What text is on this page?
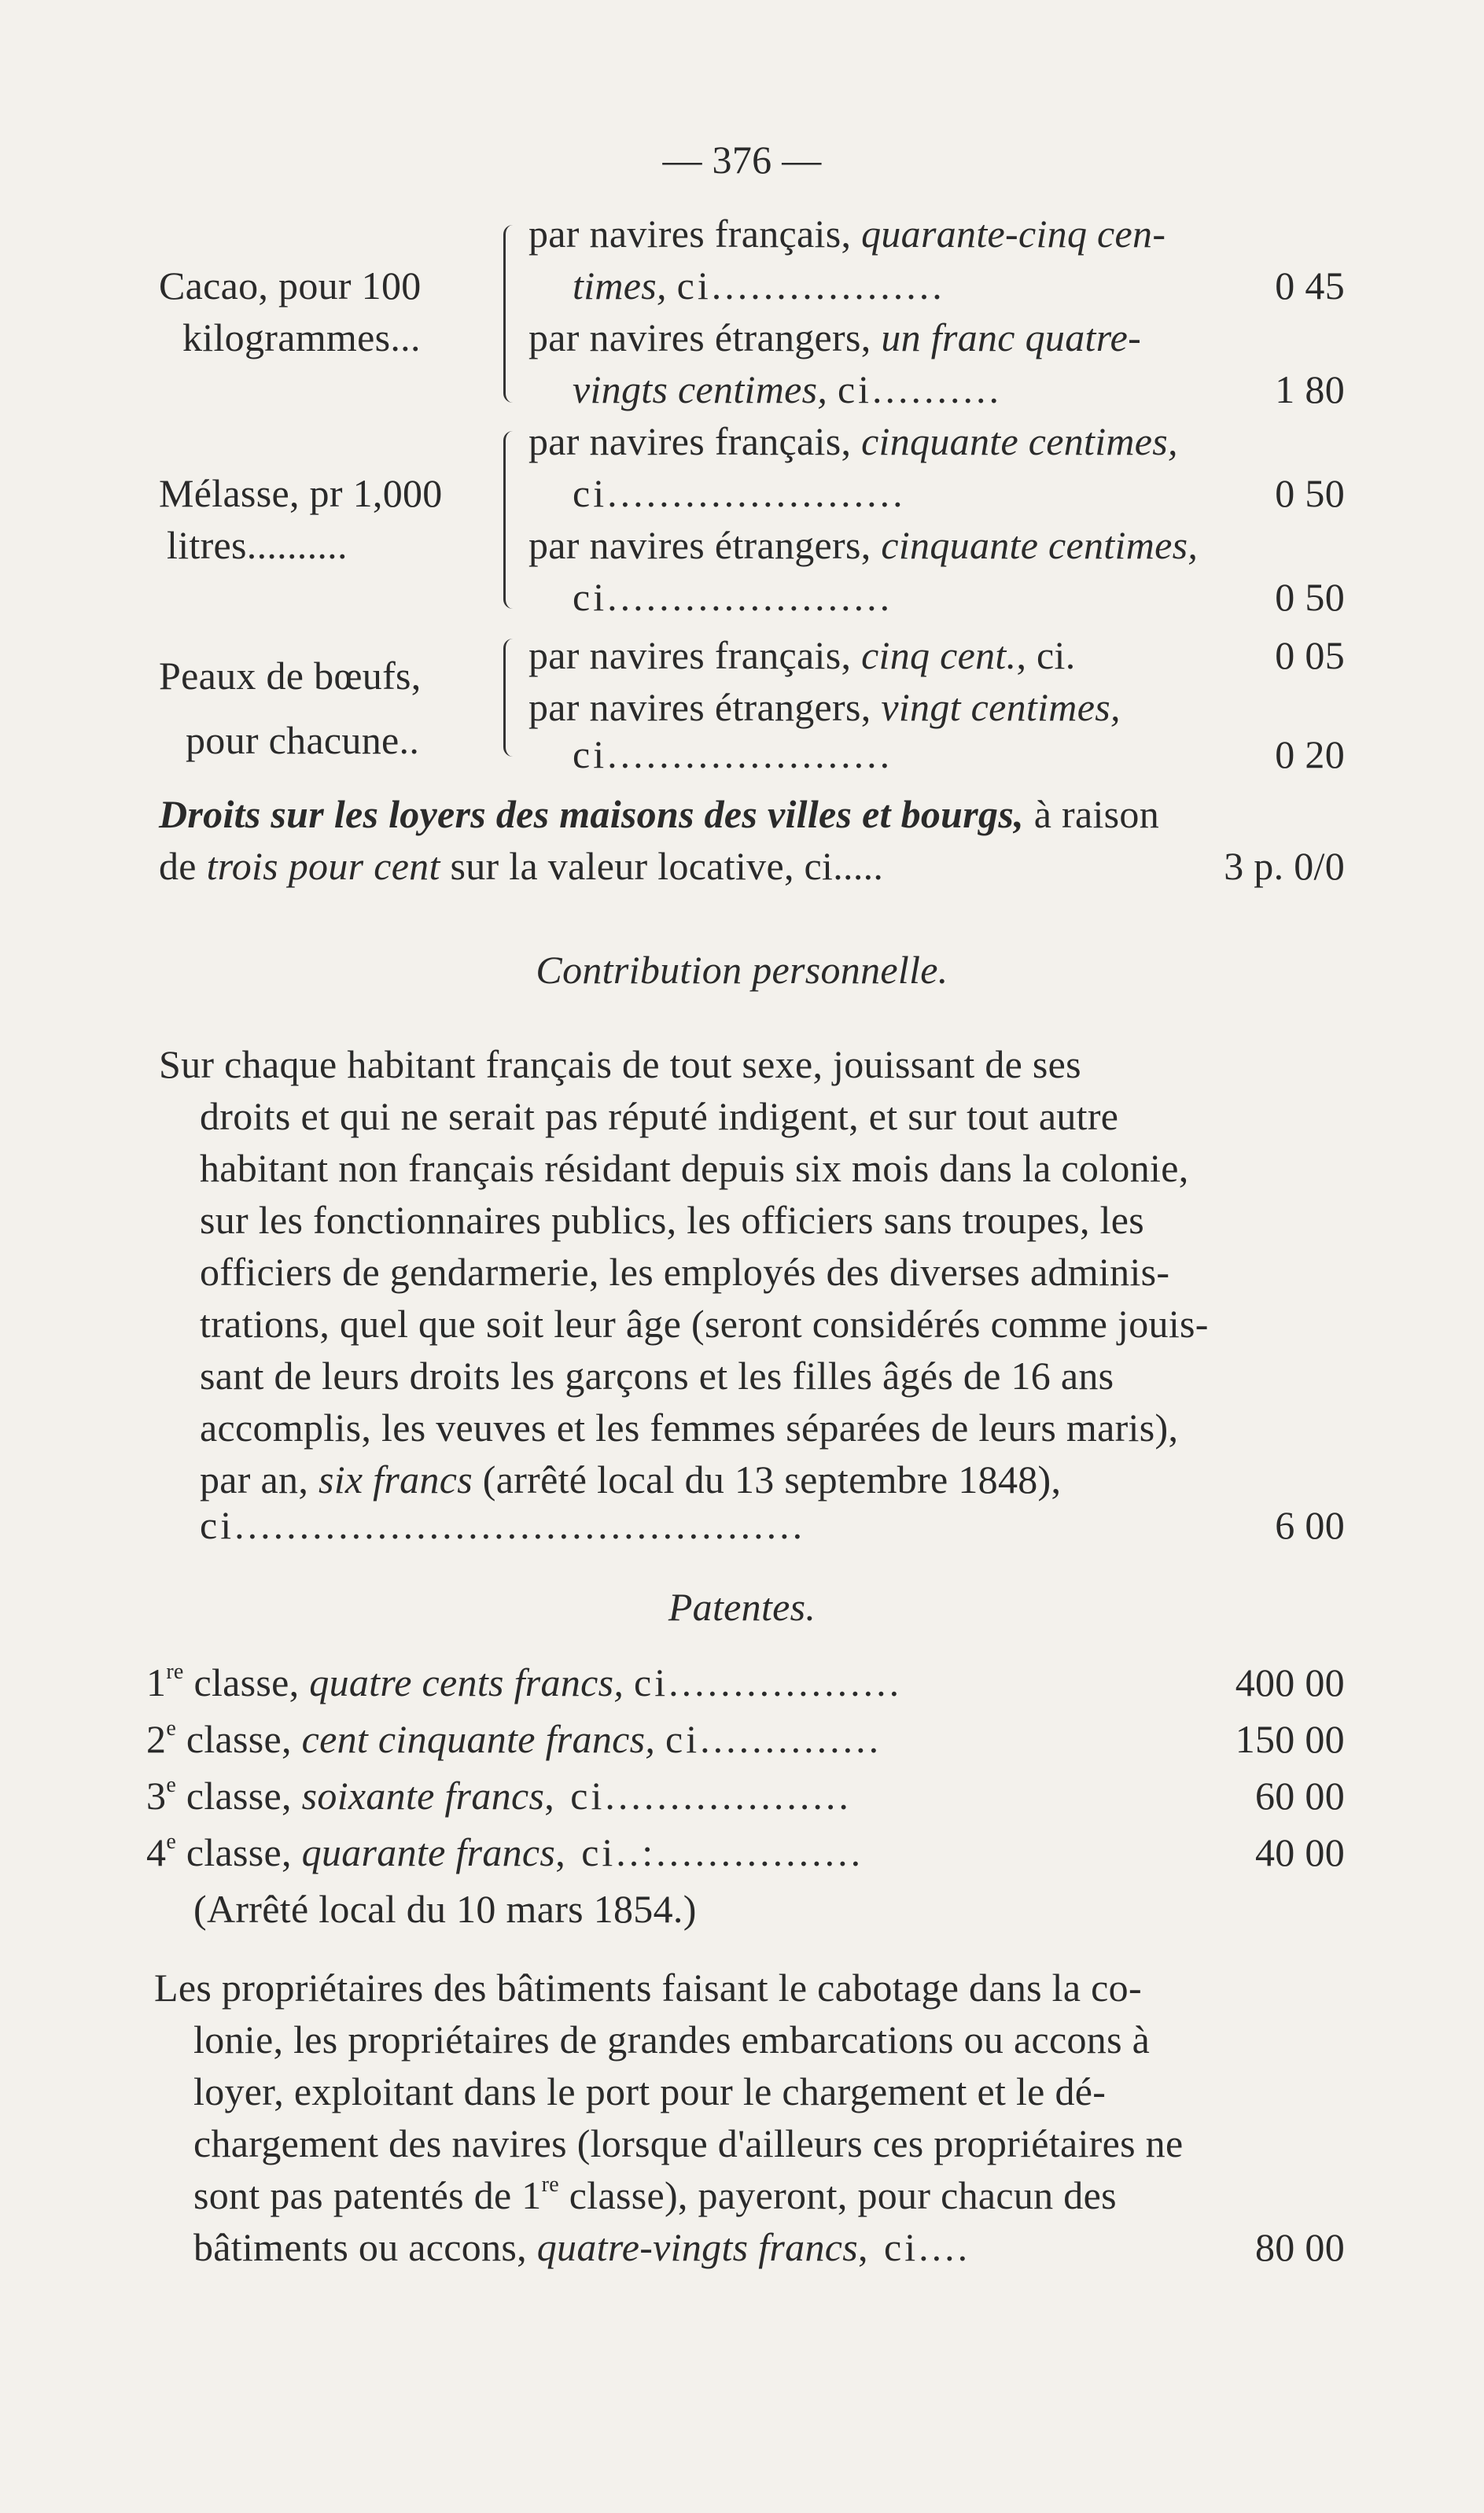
— 376 —
Cacao, pour 100
kilogrammes...
par navires français, quarante-cinq cen-
times, ci..................	0 45
par navires étrangers, un franc quatre-
vingts centimes, ci..........	1 80
Mélasse, pr 1,000
litres..........
par navires français, cinquante centimes,
ci.......................	0 50
par navires étrangers, cinquante centimes,
ci......................	0 50
Peaux de bœufs,
pour chacune..
par navires français, cinq cent., ci.	0 05
par navires étrangers, vingt centimes,
ci......................	0 20
Droits sur les loyers des maisons des villes et bourgs, à raison
de trois pour cent sur la valeur locative, ci.....	3 p. 0/0
Contribution personnelle.
Sur chaque habitant français de tout sexe, jouissant de ses
droits et qui ne serait pas réputé indigent, et sur tout autre
habitant non français résidant depuis six mois dans la colonie,
sur les fonctionnaires publics, les officiers sans troupes, les
officiers de gendarmerie, les employés des diverses adminis-
trations, quel que soit leur âge (seront considérés comme jouis-
sant de leurs droits les garçons et les filles âgés de 16 ans
accomplis, les veuves et les femmes séparées de leurs maris),
par an, six francs (arrêté local du 13 septembre 1848),
ci............................................	6 00
Patentes.
1re classe, quatre cents francs, ci..................	400 00
2e classe, cent cinquante francs, ci..............	150 00
3e classe, soixante francs, ci...................	60 00
4e classe, quarante francs, ci..:................	40 00
(Arrêté local du 10 mars 1854.)
Les propriétaires des bâtiments faisant le cabotage dans la co-
lonie, les propriétaires de grandes embarcations ou accons à
loyer, exploitant dans le port pour le chargement et le dé-
chargement des navires (lorsque d'ailleurs ces propriétaires ne
sont pas patentés de 1re classe), payeront, pour chacun des
bâtiments ou accons, quatre-vingts francs, ci....	80 00
